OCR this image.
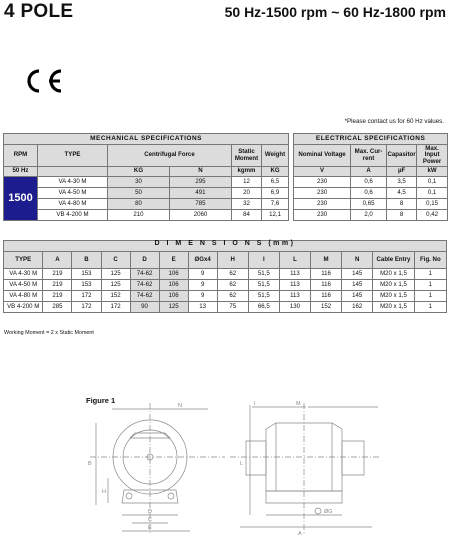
4 POLE	50 Hz-1500 rpm ~ 60 Hz-1800 rpm
*Please contact us for 60 Hz values.
MECHANICAL SPECIFICATIONS							ELECTRICAL SPECIFICATIONS			
RPM	TYPE	Centrifugal Force		Static Moment	Weight		Nominal Voltage	Max. Cur-rent	Capasitor	Max. Input Power
50 Hz		KG	N	kgmm	KG		V	A	µF	kW
1500	VA 4-30 M	30	295	12	6,5		230	0,6	3,5	0,1
	VA 4-50 M	50	491	20	6,9		230	0,6	4,5	0,1
	VA 4-80 M	80	785	32	7,6		230	0,65	8	0,15
	VB 4-200 M	210	2060	84	12,1		230	2,0	8	0,42

TYPE	A	B	C	D	E	ØGx4	H	I	L	M	N	Cable Entry	Fig. No
VA 4-30 M	219	153	125	74-62	106	9	62	51,5	113	116	145	M20 x 1,5	1
VA 4-50 M	219	153	125	74-62	106	9	62	51,5	113	116	145	M20 x 1,5	1
VA 4-80 M	219	172	152	74-62	106	9	62	51,5	113	116	145	M20 x 1,5	1
VB 4-200 M	285	172	172	90	125	13	75	66,5	130	152	162	M20 x 1,5	1
D I M E N S I O N S (mm)
Working Moment = 2 x Static Moment
N
B
H
D
C
E
I	M
L
A
ØG
Figure 1
